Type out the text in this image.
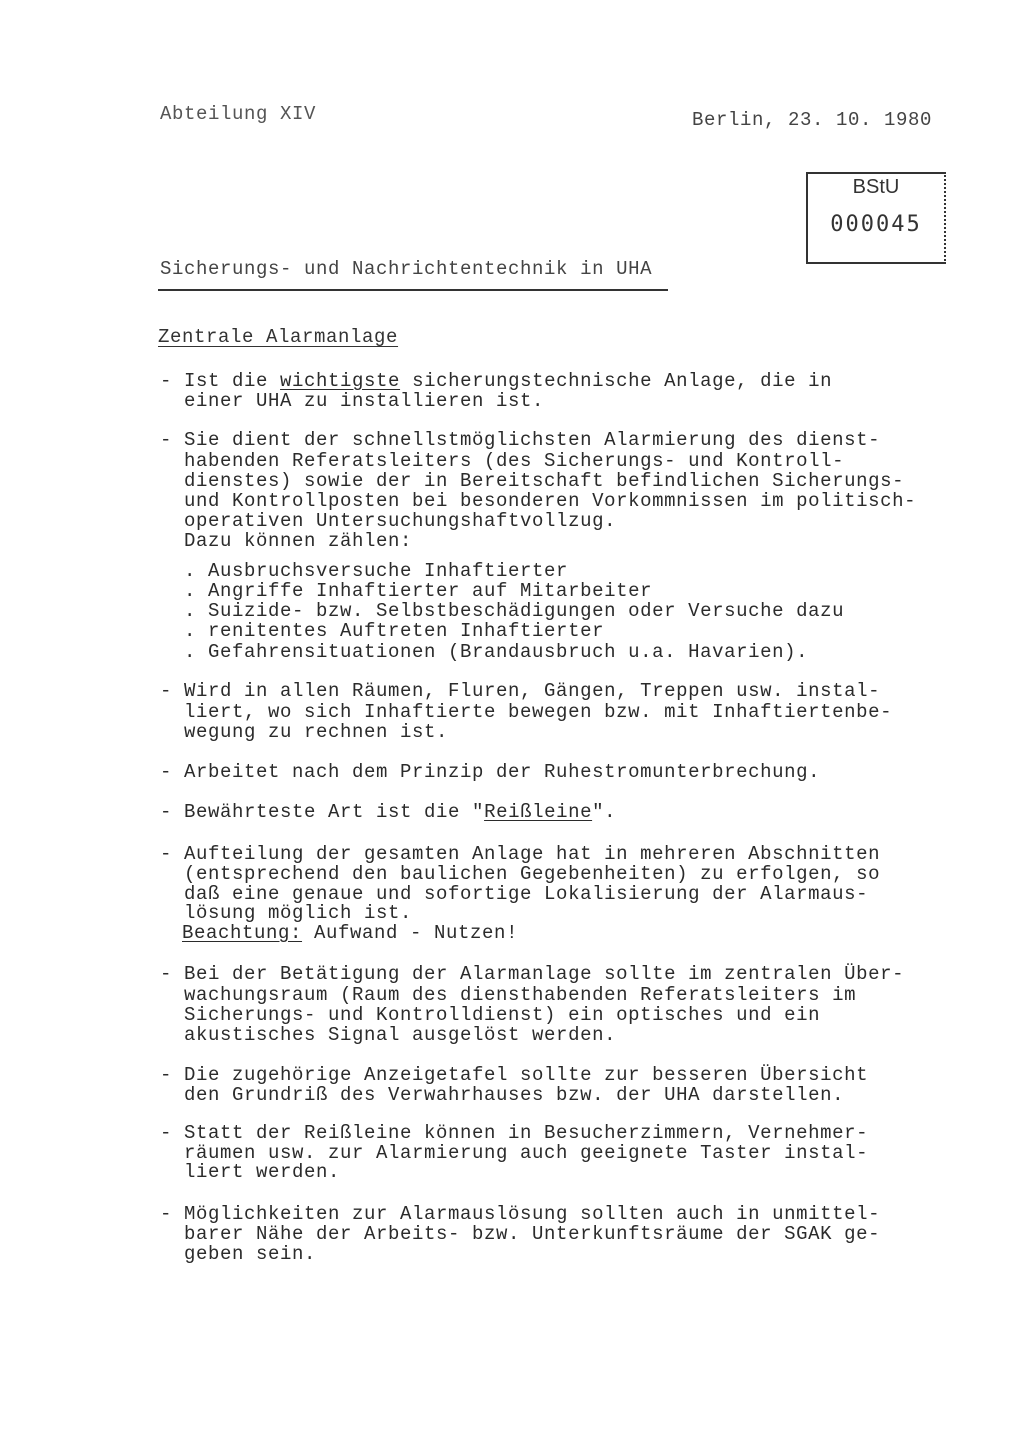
Abteilung XIV	Berlin, 23. 10. 1980
BStU
000045
Sicherungs- und Nachrichtentechnik in UHA
Zentrale Alarmanlage
- Ist die wichtigste sicherungstechnische Anlage, die in
einer UHA zu installieren ist.
- Sie dient der schnellstmöglichsten Alarmierung des dienst-
habenden Referatsleiters (des Sicherungs- und Kontroll-
dienstes) sowie der in Bereitschaft befindlichen Sicherungs-
und Kontrollposten bei besonderen Vorkommnissen im politisch-
operativen Untersuchungshaftvollzug.
Dazu können zählen:
. Ausbruchsversuche Inhaftierter
. Angriffe Inhaftierter auf Mitarbeiter
. Suizide- bzw. Selbstbeschädigungen oder Versuche dazu
. renitentes Auftreten Inhaftierter
. Gefahrensituationen (Brandausbruch u.a. Havarien).
- Wird in allen Räumen, Fluren, Gängen, Treppen usw. instal-
liert, wo sich Inhaftierte bewegen bzw. mit Inhaftiertenbe-
wegung zu rechnen ist.
- Arbeitet nach dem Prinzip der Ruhestromunterbrechung.
- Bewährteste Art ist die "Reißleine".
- Aufteilung der gesamten Anlage hat in mehreren Abschnitten
(entsprechend den baulichen Gegebenheiten) zu erfolgen, so
daß eine genaue und sofortige Lokalisierung der Alarmaus-
lösung möglich ist.
Beachtung: Aufwand - Nutzen!
- Bei der Betätigung der Alarmanlage sollte im zentralen Über-
wachungsraum (Raum des diensthabenden Referatsleiters im
Sicherungs- und Kontrolldienst) ein optisches und ein
akustisches Signal ausgelöst werden.
- Die zugehörige Anzeigetafel sollte zur besseren Übersicht
den Grundriß des Verwahrhauses bzw. der UHA darstellen.
- Statt der Reißleine können in Besucherzimmern, Vernehmer-
räumen usw. zur Alarmierung auch geeignete Taster instal-
liert werden.
- Möglichkeiten zur Alarmauslösung sollten auch in unmittel-
barer Nähe der Arbeits- bzw. Unterkunftsräume der SGAK ge-
geben sein.
